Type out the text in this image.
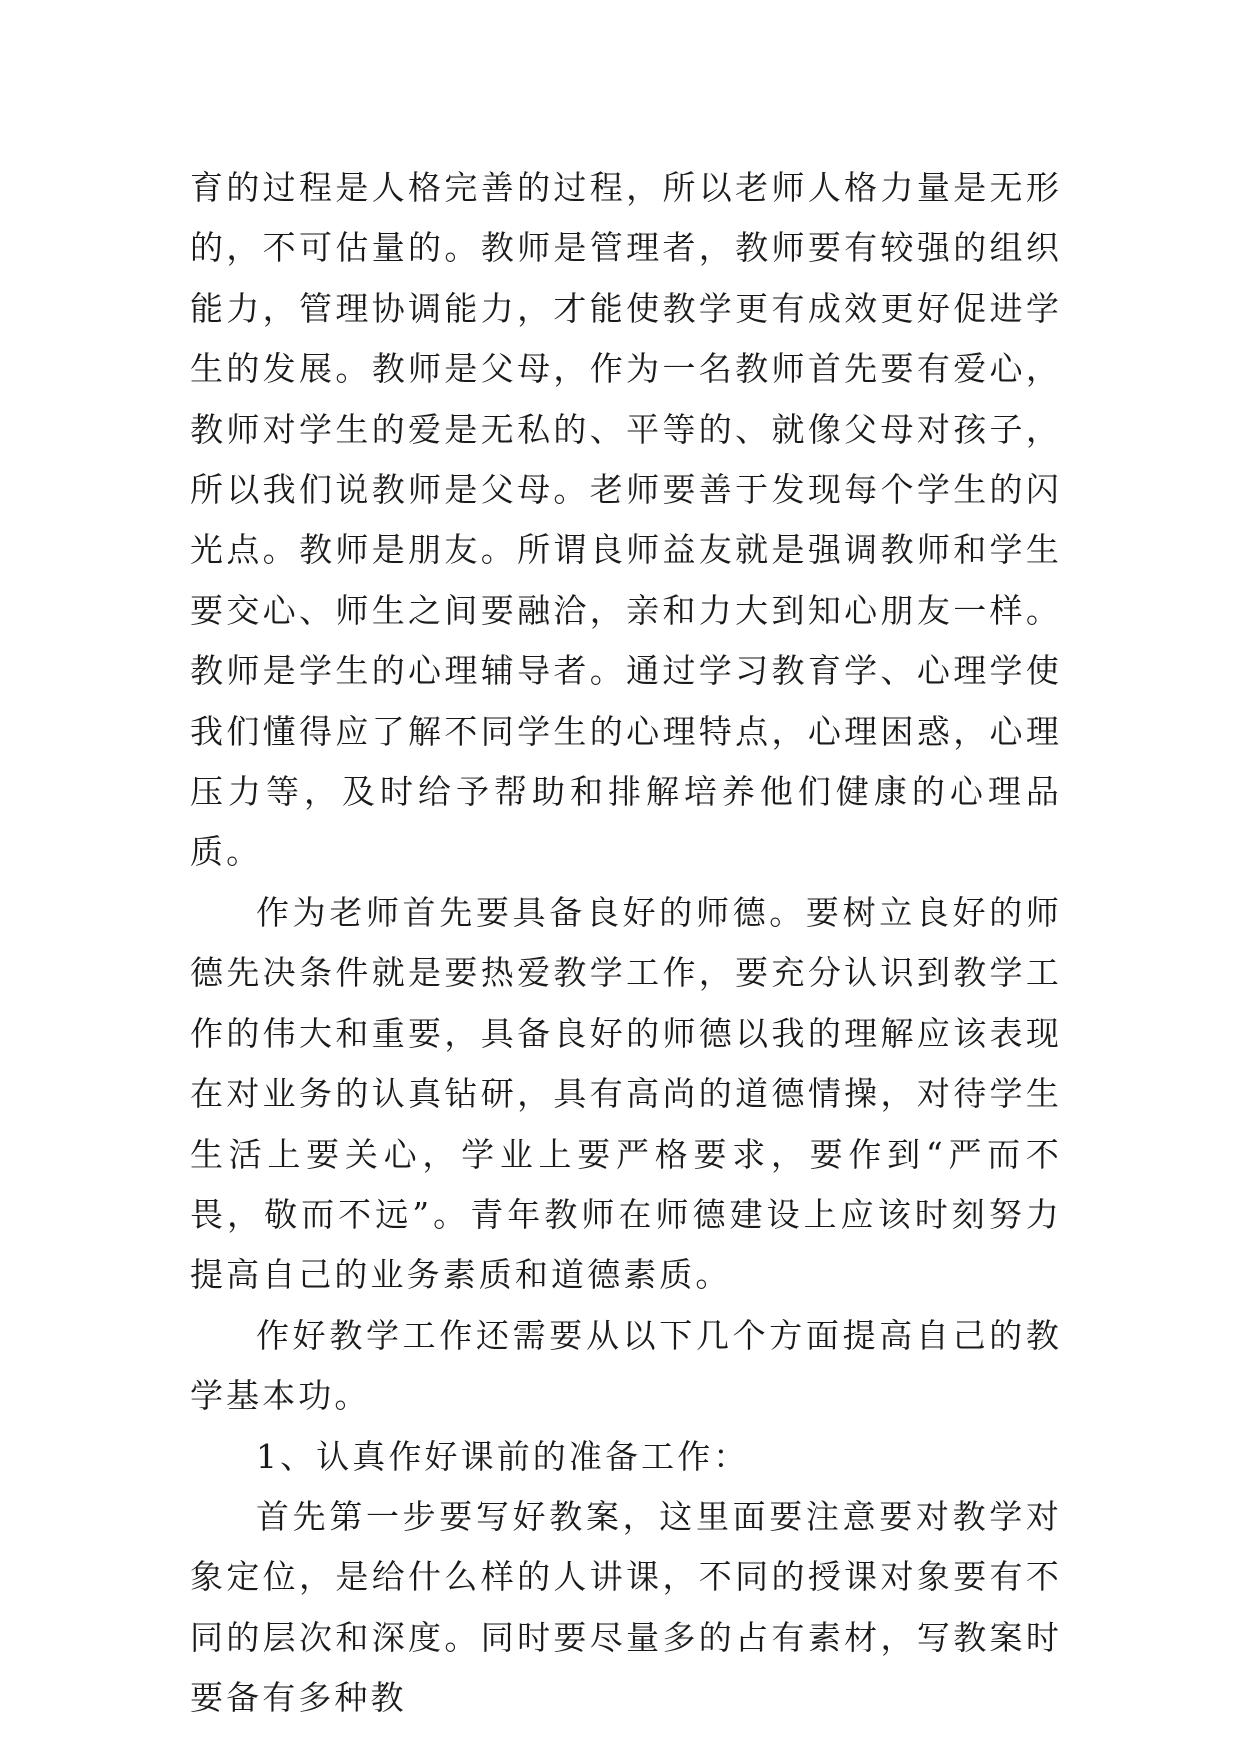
育的过程是人格完善的过程，所以老师人格力量是无形的，不可估量的。教师是管理者，教师要有较强的组织能力，管理协调能力，才能使教学更有成效更好促进学生的发展。教师是父母，作为一名教师首先要有爱心，教师对学生的爱是无私的、平等的、就像父母对孩子，所以我们说教师是父母。老师要善于发现每个学生的闪光点。教师是朋友。所谓良师益友就是强调教师和学生要交心、师生之间要融洽，亲和力大到知心朋友一样。教师是学生的心理辅导者。通过学习教育学、心理学使我们懂得应了解不同学生的心理特点，心理困惑，心理压力等，及时给予帮助和排解培养他们健康的心理品质。

作为老师首先要具备良好的师德。要树立良好的师德先决条件就是要热爱教学工作，要充分认识到教学工作的伟大和重要，具备良好的师德以我的理解应该表现在对业务的认真钻研，具有高尚的道德情操，对待学生生活上要关心，学业上要严格要求，要作到“严而不畏，敬而不远”。青年教师在师德建设上应该时刻努力提高自己的业务素质和道德素质。

作好教学工作还需要从以下几个方面提高自己的教学基本功。

1、认真作好课前的准备工作：

首先第一步要写好教案，这里面要注意要对教学对象定位，是给什么样的人讲课，不同的授课对象要有不同的层次和深度。同时要尽量多的占有素材，写教案时要备有多种教
